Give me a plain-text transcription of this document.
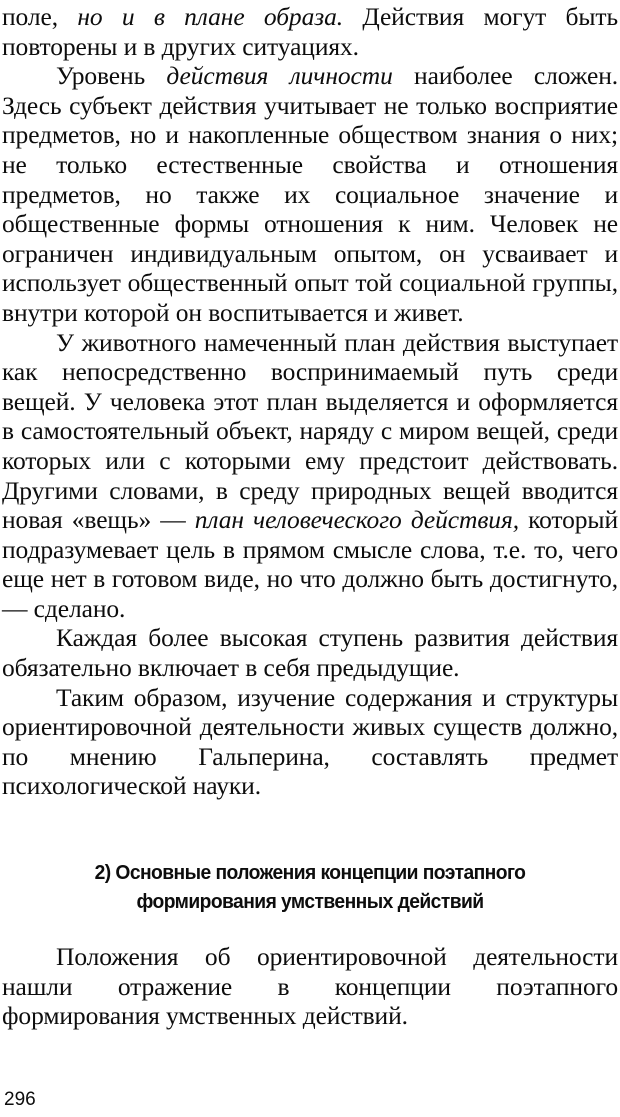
поле, но и в плане образа. Действия могут быть повторены и в других ситуациях.

Уровень действия личности наиболее сложен. Здесь субъект действия учитывает не только восприятие предметов, но и накопленные обществом знания о них; не только естественные свойства и отношения предметов, но также их социальное значение и общественные формы отношения к ним. Человек не ограничен индивидуальным опытом, он усваивает и использует общественный опыт той социальной группы, внутри которой он воспитывается и живет.

У животного намеченный план действия выступает как непосредственно воспринимаемый путь среди вещей. У человека этот план выделяется и оформляется в самостоятельный объект, наряду с миром вещей, среди которых или с которыми ему предстоит действовать. Другими словами, в среду природных вещей вводится новая «вещь» — план человеческого действия, который подразумевает цель в прямом смысле слова, т.е. то, чего еще нет в готовом виде, но что должно быть достигнуто, — сделано.

Каждая более высокая ступень развития действия обязательно включает в себя предыдущие.

Таким образом, изучение содержания и структуры ориентировочной деятельности живых существ должно, по мнению Гальперина, составлять предмет психологической науки.

2) Основные положения концепции поэтапного
формирования умственных действий

Положения об ориентировочной деятельности нашли отражение в концепции поэтапного формирования умственных действий.

296
